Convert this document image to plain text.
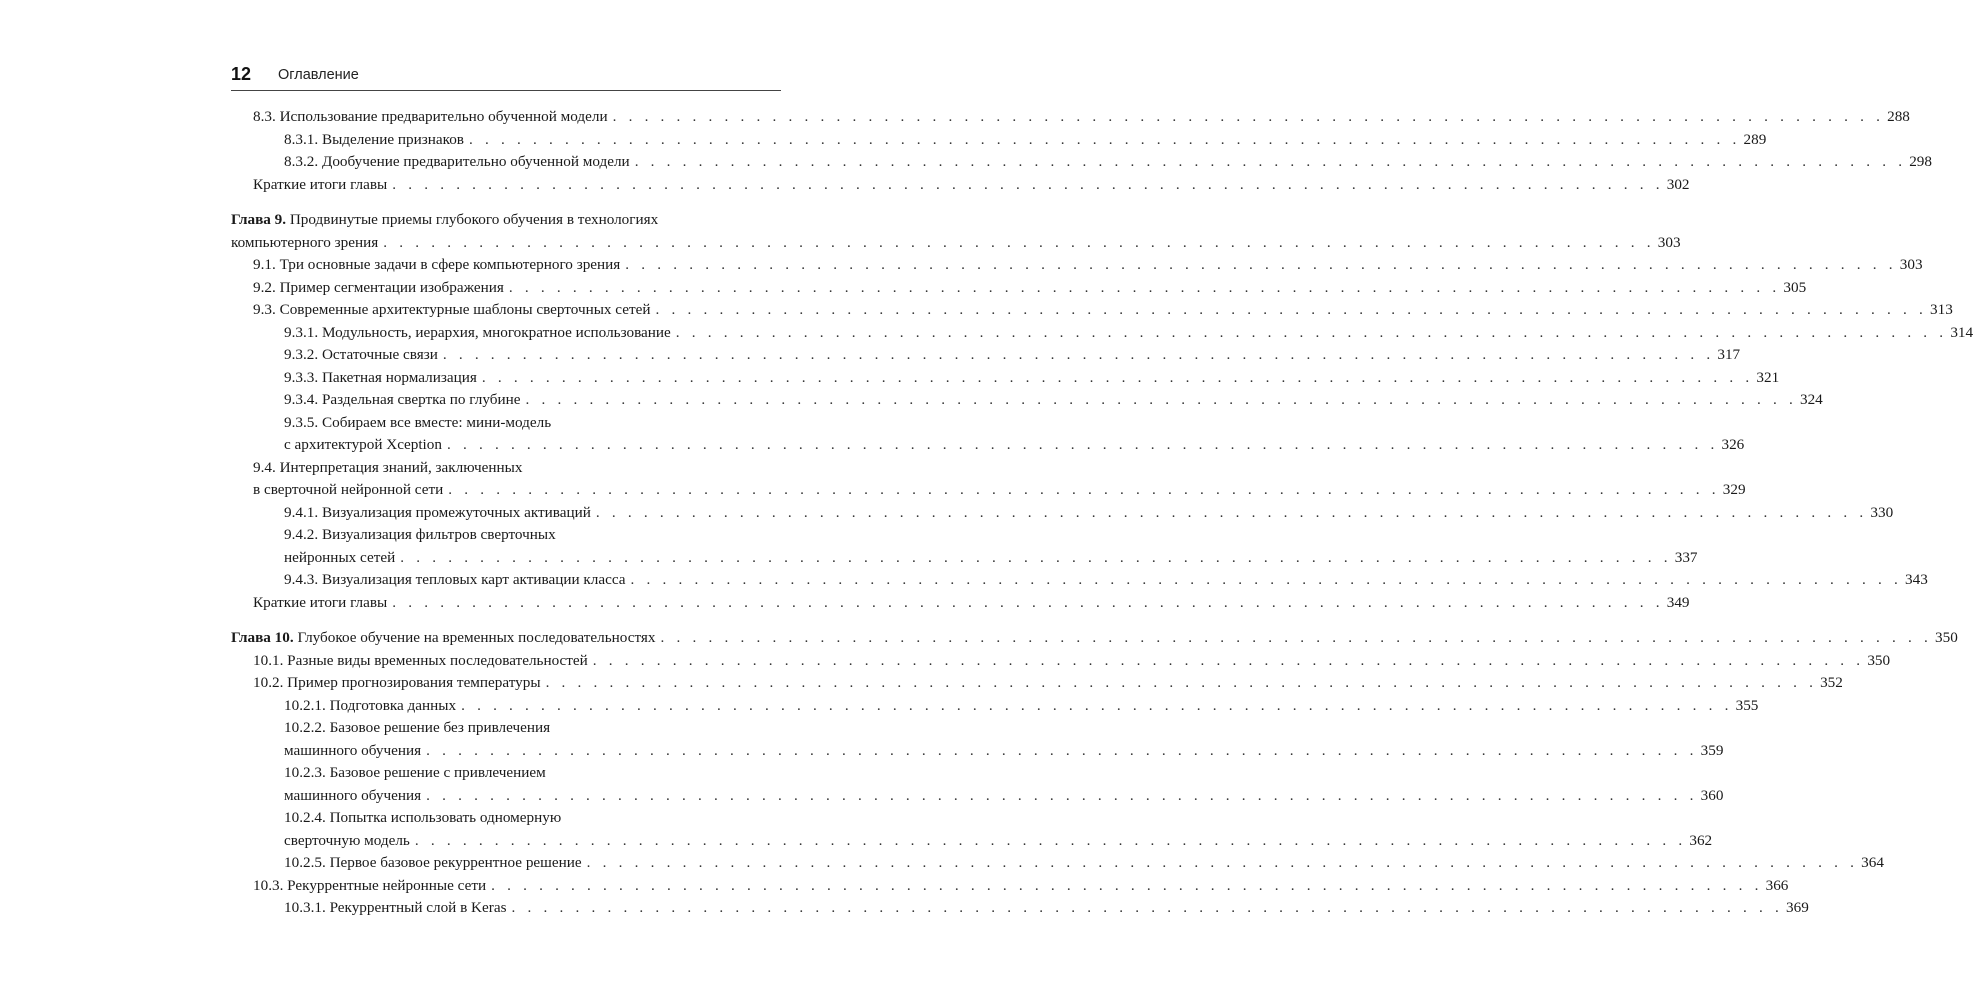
12 Оглавление
8.3. Использование предварительно обученной модели . . . . . . . . . . . . . . . . . . . . . . . . . . . . . . . . . . . . . . . . . . . . . . . . . . . . . . . . . . . . . . . . . . . . . . . . . . . . . . . . 288
8.3.1. Выделение признаков . . . . . . . . . . . . . . . . . . . . . . . . . . . . . . . . . . . . . . . . . . . . . . . . . . . . . . . . . . . . . . . . . . . . . . . . . . . . . . . . 289
8.3.2. Дообучение предварительно обученной модели . . . . . . . . . . . . . . . . . . . . . . . . . . . . . . . . . . . . . . . . . . . . . . . . . . . . . . . . . . . . . . . . . . . . . . . . . . . . . . . . 298
Краткие итоги главы . . . . . . . . . . . . . . . . . . . . . . . . . . . . . . . . . . . . . . . . . . . . . . . . . . . . . . . . . . . . . . . . . . . . . . . . . . . . . . . . 302
Глава 9. Продвинутые приемы глубокого обучения в технологиях
компьютерного зрения . . . . . . . . . . . . . . . . . . . . . . . . . . . . . . . . . . . . . . . . . . . . . . . . . . . . . . . . . . . . . . . . . . . . . . . . . . . . . . . . 303
9.1. Три основные задачи в сфере компьютерного зрения . . . . . . . . . . . . . . . . . . . . . . . . . . . . . . . . . . . . . . . . . . . . . . . . . . . . . . . . . . . . . . . . . . . . . . . . . . . . . . . . 303
9.2. Пример сегментации изображения . . . . . . . . . . . . . . . . . . . . . . . . . . . . . . . . . . . . . . . . . . . . . . . . . . . . . . . . . . . . . . . . . . . . . . . . . . . . . . . . 305
9.3. Современные архитектурные шаблоны сверточных сетей . . . . . . . . . . . . . . . . . . . . . . . . . . . . . . . . . . . . . . . . . . . . . . . . . . . . . . . . . . . . . . . . . . . . . . . . . . . . . . . . 313
9.3.1. Модульность, иерархия, многократное использование . . . . . . . . . . . . . . . . . . . . . . . . . . . . . . . . . . . . . . . . . . . . . . . . . . . . . . . . . . . . . . . . . . . . . . . . . . . . . . . . 314
9.3.2. Остаточные связи . . . . . . . . . . . . . . . . . . . . . . . . . . . . . . . . . . . . . . . . . . . . . . . . . . . . . . . . . . . . . . . . . . . . . . . . . . . . . . . . 317
9.3.3. Пакетная нормализация . . . . . . . . . . . . . . . . . . . . . . . . . . . . . . . . . . . . . . . . . . . . . . . . . . . . . . . . . . . . . . . . . . . . . . . . . . . . . . . . 321
9.3.4. Раздельная свертка по глубине . . . . . . . . . . . . . . . . . . . . . . . . . . . . . . . . . . . . . . . . . . . . . . . . . . . . . . . . . . . . . . . . . . . . . . . . . . . . . . . . 324
9.3.5. Собираем все вместе: мини-модель
с архитектурой Xception . . . . . . . . . . . . . . . . . . . . . . . . . . . . . . . . . . . . . . . . . . . . . . . . . . . . . . . . . . . . . . . . . . . . . . . . . . . . . . . . 326
9.4. Интерпретация знаний, заключенных
в сверточной нейронной сети . . . . . . . . . . . . . . . . . . . . . . . . . . . . . . . . . . . . . . . . . . . . . . . . . . . . . . . . . . . . . . . . . . . . . . . . . . . . . . . . 329
9.4.1. Визуализация промежуточных активаций . . . . . . . . . . . . . . . . . . . . . . . . . . . . . . . . . . . . . . . . . . . . . . . . . . . . . . . . . . . . . . . . . . . . . . . . . . . . . . . . 330
9.4.2. Визуализация фильтров сверточных
нейронных сетей . . . . . . . . . . . . . . . . . . . . . . . . . . . . . . . . . . . . . . . . . . . . . . . . . . . . . . . . . . . . . . . . . . . . . . . . . . . . . . . . 337
9.4.3. Визуализация тепловых карт активации класса . . . . . . . . . . . . . . . . . . . . . . . . . . . . . . . . . . . . . . . . . . . . . . . . . . . . . . . . . . . . . . . . . . . . . . . . . . . . . . . . 343
Краткие итоги главы . . . . . . . . . . . . . . . . . . . . . . . . . . . . . . . . . . . . . . . . . . . . . . . . . . . . . . . . . . . . . . . . . . . . . . . . . . . . . . . . 349
Глава 10. Глубокое обучение на временных последовательностях . . . . . . . . . . . . . . . . . . . . . . . . . . . . . . . . . . . . . . . . . . . . . . . . . . . . . . . . . . . . . . . . . . . . . . . . . . . . . . . . 350
10.1. Разные виды временных последовательностей . . . . . . . . . . . . . . . . . . . . . . . . . . . . . . . . . . . . . . . . . . . . . . . . . . . . . . . . . . . . . . . . . . . . . . . . . . . . . . . . 350
10.2. Пример прогнозирования температуры . . . . . . . . . . . . . . . . . . . . . . . . . . . . . . . . . . . . . . . . . . . . . . . . . . . . . . . . . . . . . . . . . . . . . . . . . . . . . . . . 352
10.2.1. Подготовка данных . . . . . . . . . . . . . . . . . . . . . . . . . . . . . . . . . . . . . . . . . . . . . . . . . . . . . . . . . . . . . . . . . . . . . . . . . . . . . . . . 355
10.2.2. Базовое решение без привлечения
машинного обучения . . . . . . . . . . . . . . . . . . . . . . . . . . . . . . . . . . . . . . . . . . . . . . . . . . . . . . . . . . . . . . . . . . . . . . . . . . . . . . . . 359
10.2.3. Базовое решение с привлечением
машинного обучения . . . . . . . . . . . . . . . . . . . . . . . . . . . . . . . . . . . . . . . . . . . . . . . . . . . . . . . . . . . . . . . . . . . . . . . . . . . . . . . . 360
10.2.4. Попытка использовать одномерную
сверточную модель . . . . . . . . . . . . . . . . . . . . . . . . . . . . . . . . . . . . . . . . . . . . . . . . . . . . . . . . . . . . . . . . . . . . . . . . . . . . . . . . 362
10.2.5. Первое базовое рекуррентное решение . . . . . . . . . . . . . . . . . . . . . . . . . . . . . . . . . . . . . . . . . . . . . . . . . . . . . . . . . . . . . . . . . . . . . . . . . . . . . . . . 364
10.3. Рекуррентные нейронные сети . . . . . . . . . . . . . . . . . . . . . . . . . . . . . . . . . . . . . . . . . . . . . . . . . . . . . . . . . . . . . . . . . . . . . . . . . . . . . . . . 366
10.3.1. Рекуррентный слой в Keras . . . . . . . . . . . . . . . . . . . . . . . . . . . . . . . . . . . . . . . . . . . . . . . . . . . . . . . . . . . . . . . . . . . . . . . . . . . . . . . . 369
